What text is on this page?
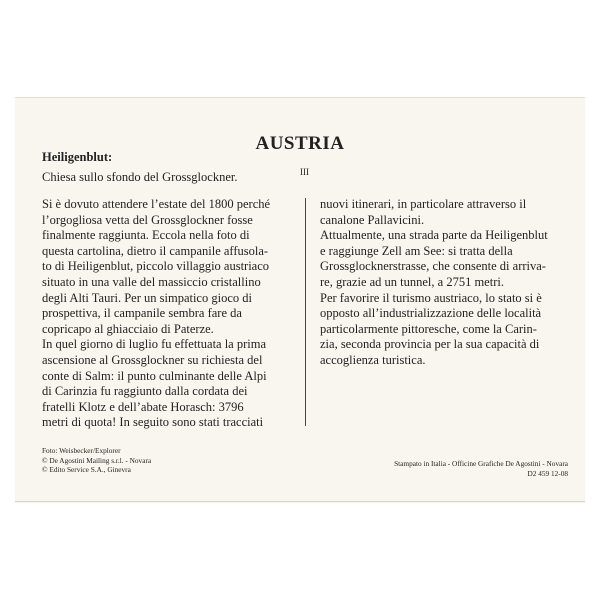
AUSTRIA
Heiligenblut:
Chiesa sullo sfondo del Grossglockner.	III
Si è dovuto attendere l’estate del 1800 perché
l’orgogliosa vetta del Grossglockner fosse
finalmente raggiunta. Eccola nella foto di
questa cartolina, dietro il campanile affusola-
to di Heiligenblut, piccolo villaggio austriaco
situato in una valle del massiccio cristallino
degli Alti Tauri. Per un simpatico gioco di
prospettiva, il campanile sembra fare da
copricapo al ghiacciaio di Paterze.
In quel giorno di luglio fu effettuata la prima
ascensione al Grossglockner su richiesta del
conte di Salm: il punto culminante delle Alpi
di Carinzia fu raggiunto dalla cordata dei
fratelli Klotz e dell’abate Horasch: 3796
metri di quota! In seguito sono stati tracciati
nuovi itinerari, in particolare attraverso il
canalone Pallavicini.
Attualmente, una strada parte da Heiligenblut
e raggiunge Zell am See: si tratta della
Grossglocknerstrasse, che consente di arriva-
re, grazie ad un tunnel, a 2751 metri.
Per favorire il turismo austriaco, lo stato si è
opposto all’industrializzazione delle località
particolarmente pittoresche, come la Carin-
zia, seconda provincia per la sua capacità di
accoglienza turistica.
Foto: Weisbecker/Explorer
© De Agostini Mailing s.r.l. - Novara
© Edito Service S.A., Ginevra
Stampato in Italia - Officine Grafiche De Agostini - Novara
D2 459 12-08
